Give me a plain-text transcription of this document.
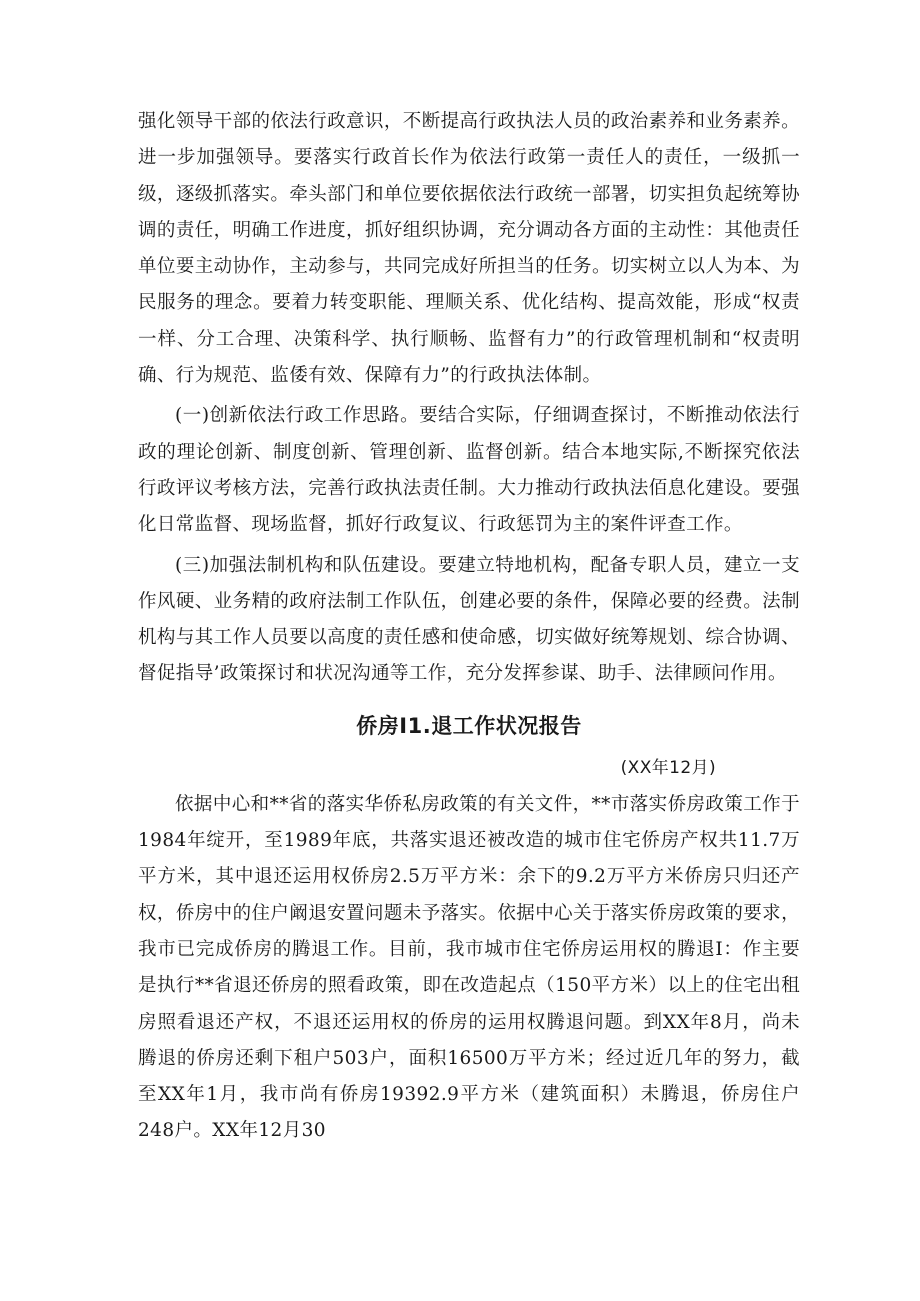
强化领导干部的依法行政意识，不断提高行政执法人员的政治素养和业务素养。进一步加强领导。要落实行政首长作为依法行政第一责任人的责任，一级抓一级，逐级抓落实。牵头部门和单位要依据依法行政统一部署，切实担负起统筹协调的责任，明确工作进度，抓好组织协调，充分调动各方面的主动性：其他责任单位要主动协作，主动参与，共同完成好所担当的任务。切实树立以人为本、为民服务的理念。要着力转变职能、理顺关系、优化结构、提高效能，形成“权责一样、分工合理、决策科学、执行顺畅、监督有力”的行政管理机制和“权责明确、行为规范、监倭有效、保障有力”的行政执法体制。

(一)创新依法行政工作思路。要结合实际，仔细调查探讨，不断推动依法行政的理论创新、制度创新、管理创新、监督创新。结合本地实际,不断探究依法行政评议考核方法，完善行政执法责任制。大力推动行政执法佰息化建设。要强化日常监督、现场监督，抓好行政复议、行政惩罚为主的案件评查工作。

(三)加强法制机构和队伍建设。要建立特地机构，配备专职人员，建立一支作风硬、业务精的政府法制工作队伍，创建必要的条件，保障必要的经费。法制机构与其工作人员要以高度的责任感和使命感，切实做好统筹规划、综合协调、督促指导’政策探讨和状况沟通等工作，充分发挥参谋、助手、法律顾问作用。

侨房I1.退工作状况报告
(XX年12月)

依据中心和**省的落实华侨私房政策的有关文件，**市落实侨房政策工作于1984年绽开，至1989年底，共落实退还被改造的城市住宅侨房产权共11.7万平方米，其中退还运用权侨房2.5万平方米：余下的9.2万平方米侨房只归还产权，侨房中的住户阚退安置问题未予落实。依据中心关于落实侨房政策的要求，我市已完成侨房的腾退工作。目前，我市城市住宅侨房运用权的腾退I：作主要是执行**省退还侨房的照看政策，即在改造起点（150平方米）以上的住宅出租房照看退还产权，不退还运用权的侨房的运用权腾退问题。到XX年8月，尚未腾退的侨房还剩下租户503户，面积16500万平方米；经过近几年的努力，截至XX年1月，我市尚有侨房19392.9平方米（建筑面积）未腾退，侨房住户248户。XX年12月30
